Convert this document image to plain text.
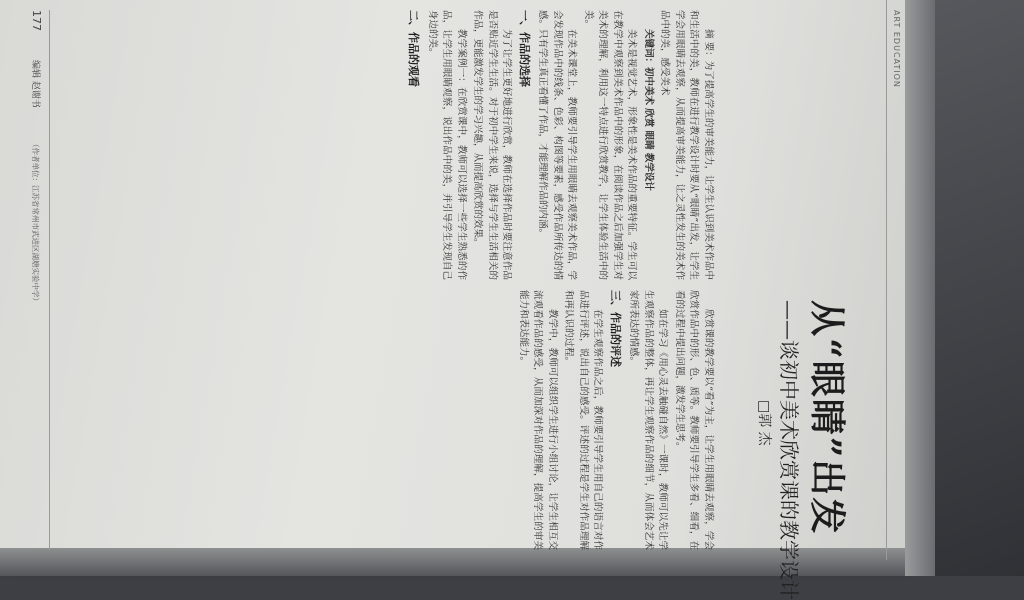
ART EDUCATION
从“眼睛”出发
——谈初中美术欣赏课的教学设计
□郭 杰

摘 要：为了提高学生的审美能力，让学生认识到美术作品中和生活中的美，教师在进行教学设计时要从“眼睛”出发，让学生学会用眼睛去观察，从而提高审美能力，让之灵性发生的美术作品中的美，感受美术

关键词：初中美术 欣赏 眼睛 教学设计

美术是视觉艺术，形象性是美术作品的重要特征。学生可以在教学中观察到美术作品中的形象，在阅读作品之后加强学生对美术的理解，利用这一特点进行欣赏教学，让学生体验生活中的美。

在美术课堂上，教师要引导学生用眼睛去观察美术作品，学会发现作品中的线条、色彩、构图等要素，感受作品所传达的情感。只有学生真正看懂了作品，才能理解作品的内涵。

一、作品的选择

为了让学生更好地进行欣赏，教师在选择作品时要注意作品是否贴近学生生活。对于初中学生来说，选择与学生生活相关的作品，更能激发学生的学习兴趣，从而提高欣赏的效果。

教学案例一：在欣赏课中，教师可以选择一些学生熟悉的作品，让学生用眼睛观察，说出作品中的美，并引导学生发现自己身边的美。

二、作品的观看

欣赏课的教学要以“看”为主，让学生用眼睛去观察，学会欣赏作品中的形、色、质等。教师要引导学生多看、细看，在看的过程中提出问题，激发学生思考。

如在学习《用心灵去触碰自然》一课时，教师可以先让学生观察作品的整体，再让学生观察作品的细节，从而体会艺术家所表达的情感。

三、作品的评述

在学生观察作品之后，教师要引导学生用自己的语言对作品进行评述，说出自己的感受。评述的过程是学生对作品理解和再认识的过程。

教学中，教师可以组织学生进行小组讨论，让学生相互交流观看作品的感受，从而加深对作品的理解，提高学生的审美能力和表达能力。

177
编辑 赵谢书
（作者单位：江苏省常州市武进区湖塘实验中学）
